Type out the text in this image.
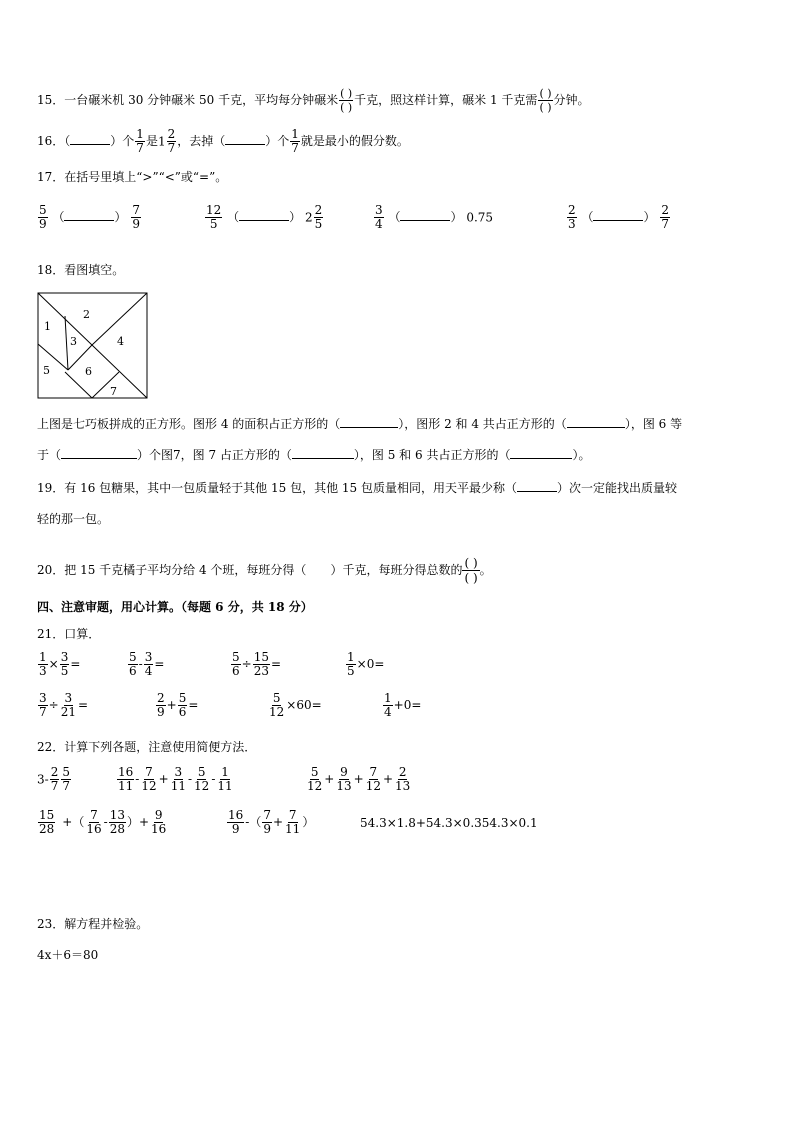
15．一台碾米机 30 分钟碾米 50 千克，平均每分钟碾米 $\frac{( )}{( )}$ 千克，照这样计算，碾米 1 千克需 $\frac{( )}{( )}$ 分钟。
16．（	）个 $\frac{1}{7}$ 是$1 \frac{2}{7}$ ，去掉（	）个 $\frac{1}{7}$ 就是最小的假分数。
17．在括号里填上“>”“<”或“=”。
$\frac{5}{9}$ （	） $\frac{7}{9}$	$\frac{12}{5}$ （	） $2 \frac{2}{5}$	$\frac{3}{4}$ （	） 0.75	$\frac{2}{3}$ （	） $\frac{2}{7}$
18．看图填空。
1
2
3	4
5	6
7
上图是七巧板拼成的正方形。图形 4 的面积占正方形的（	），图形 2 和 4 共占正方形的（	），图 6 等
于（	）个图7，图 7 占正方形的（	），图 5 和 6 共占正方形的（	）。
19．有 16 包糖果，其中一包质量轻于其他 15 包，其他 15 包质量相同，用天平最少称（	）次一定能找出质量较
轻的那一包。
20．把 15 千克橘子平均分给 4 个班，每班分得（ ）千克，每班分得总数的 $\frac{( )}{( )}$ 。
四、注意审题，用心计算。（每题 6 分，共 18 分）
21．口算．
$\frac{1}{3} \times \frac{3}{5}$ =	$\frac{5}{6} - \frac{3}{4}$ =	$\frac{5}{6} \div \frac{15}{23}$ =	$\frac{1}{5} \times 0=$
$\frac{3}{7} \div \frac{3}{21}$ =	$\frac{2}{9} + \frac{5}{6}$ =	$\frac{5}{12} \times 60=$	$\frac{1}{4} +0=$
22．计算下列各题，注意使用简便方法．
$3- \frac{2}{7} \frac{5}{7}$	$\frac{16}{11} - \frac{7}{12} + \frac{3}{11} - \frac{5}{12} - \frac{1}{11}$	$\frac{5}{12} + \frac{9}{13} + \frac{7}{12} + \frac{2}{13}$
$\frac{15}{28}$ +（ $\frac{7}{16} - \frac{13}{28}$ ）+ $\frac{9}{16}$	$\frac{16}{9}$ -（ $\frac{7}{9} + \frac{7}{11}$ ）	54.3×1.8+54.3×0.354.3×0.1
23．解方程并检验。
4x＋6＝80
